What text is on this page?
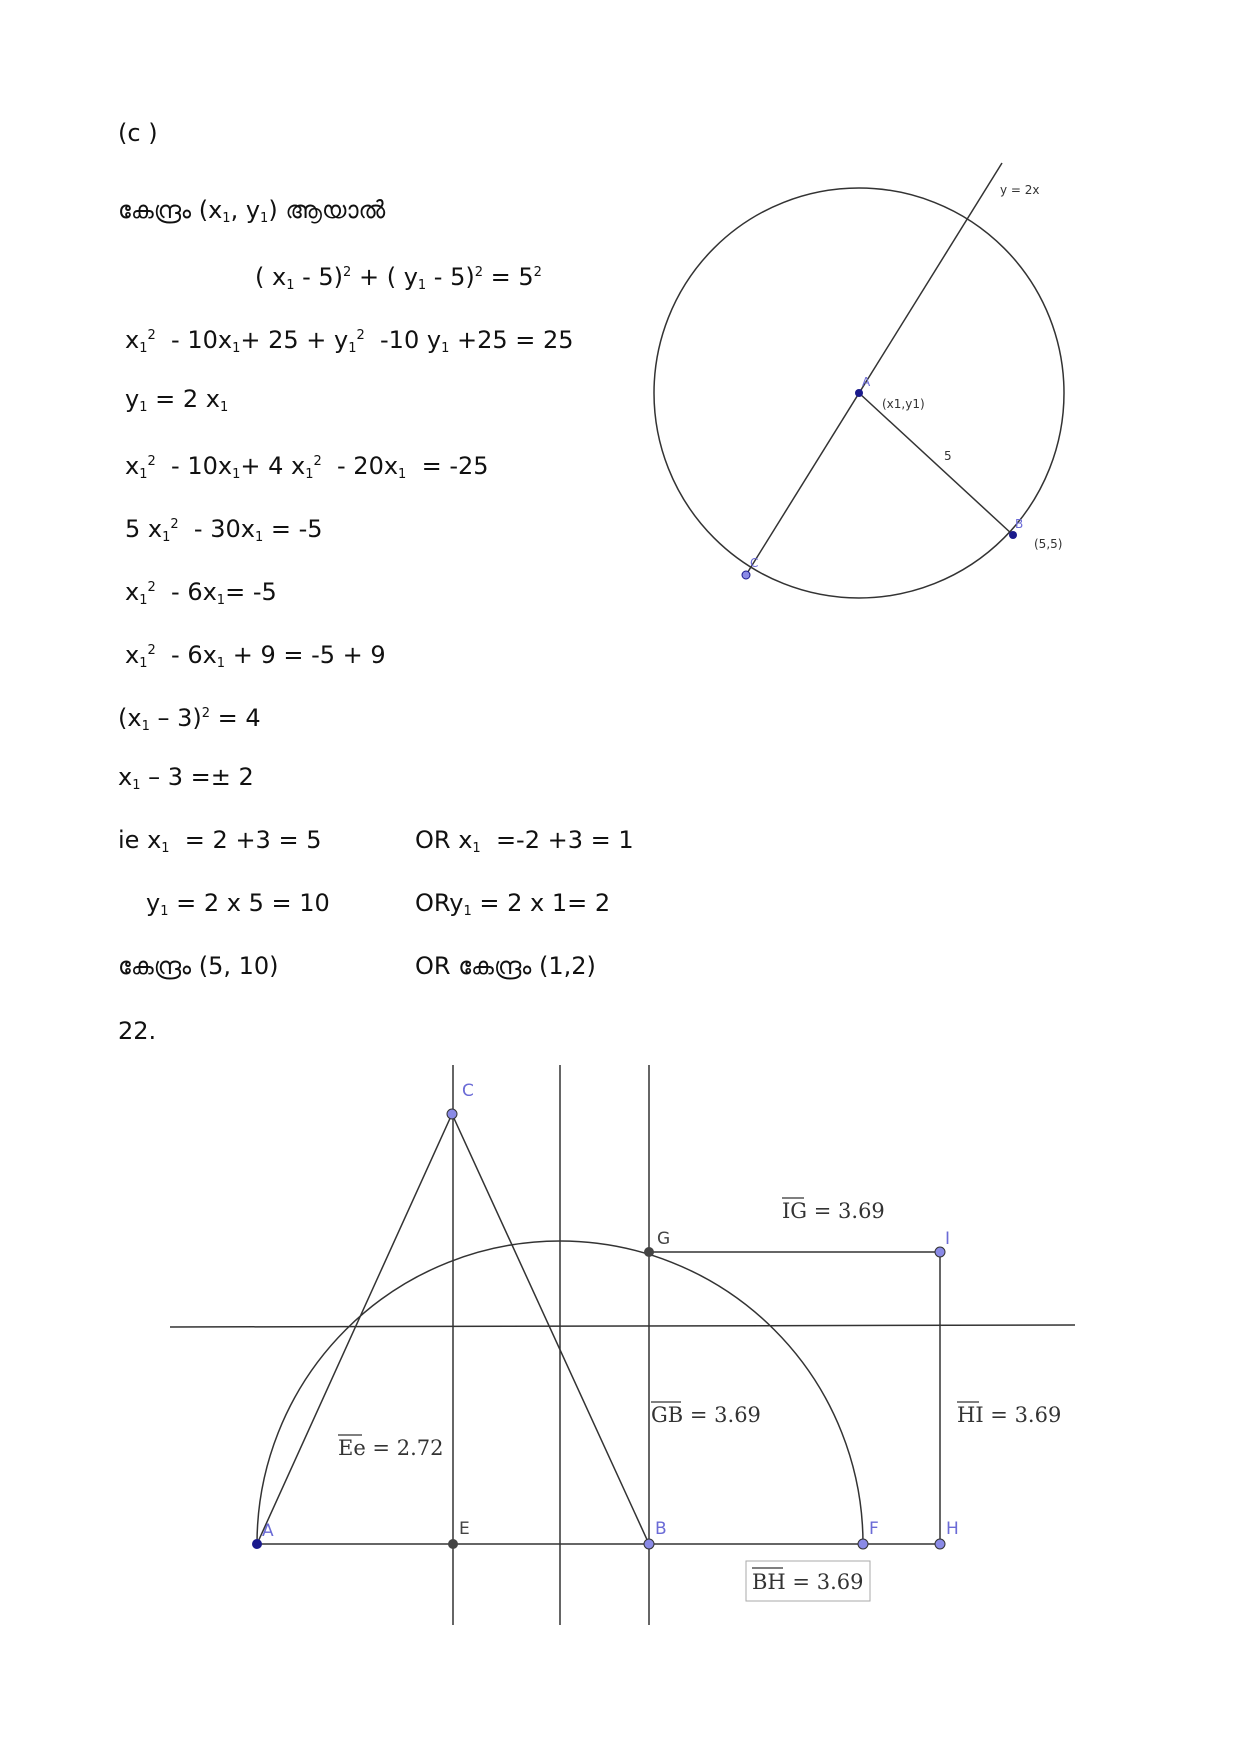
(c )
കേന്ദ്രം ($x_1$, $y_1$) ആയാൽ
( $x_1 - 5)^2$ + ( $y_1 - 5)^2 = 5^2$
$x_1^2 - 10x_1+ 25 + y_1^2$  -10 $y_1 +25 = 25$
$y_1 = 2$ $x_1$
$x_1^2 - 10x_1+ 4$ $x_1^2 - 20x_1 = -25$
5 $x_1^2 - 30x_1 = -5$
$x_1^2 - 6x_1= -5$
$x_1^2 - 6x_1 + 9 = -5 + 9$
$(x_1 - 3)^2 = 4$
$x_1 - 3 =\pm 2$
ie $x_1 = 2 +3 = 5$	OR $x_1 =-2 +3 = 1$
$y_1 = 2$ x 5 = 10	ORy$_1$ = 2 x 1= 2
കേന്ദ്രം (5, 10)	OR കേന്ദ്രം (1,2)
22.
y = 2x
A
(x1,y1)
5
B
(5,5)
C
A
C
E	B
G
F
I
H
IG = 3.69
GB = 3.69	HI = 3.69
Ee = 2.72
BH = 3.69
